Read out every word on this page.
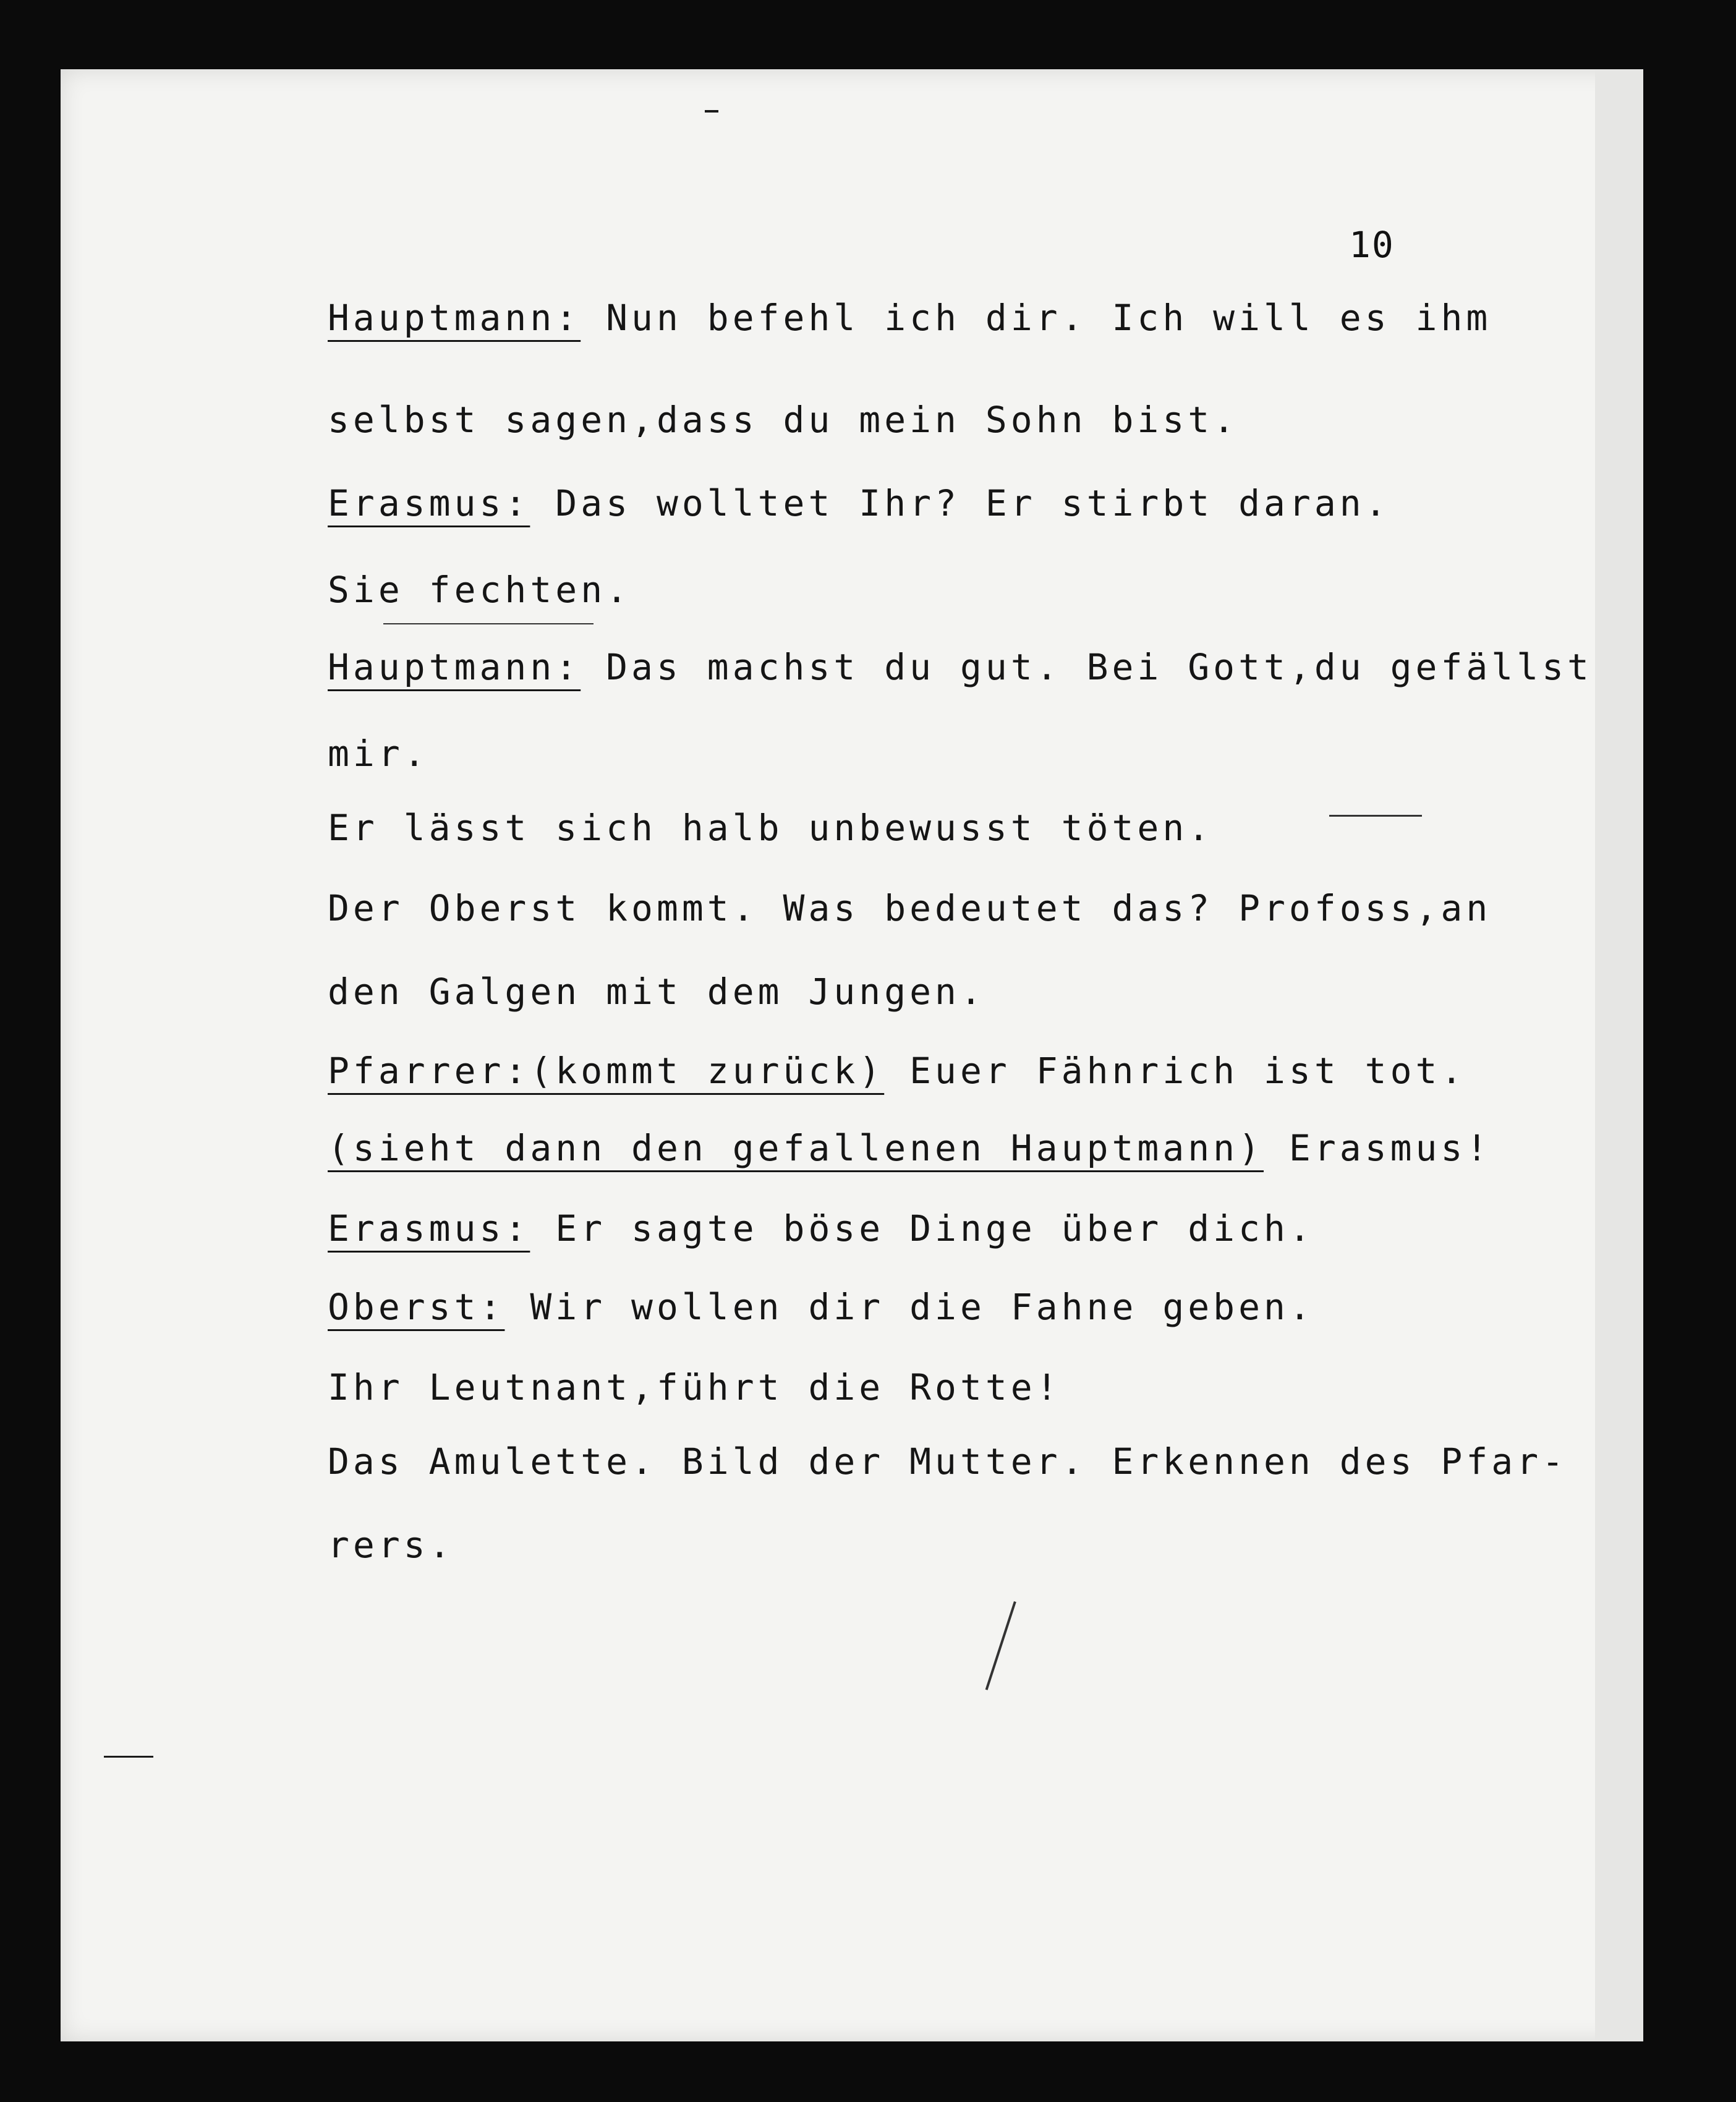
10
Hauptmann: Nun befehl ich dir. Ich will es ihm
selbst sagen,dass du mein Sohn bist.
Erasmus: Das wolltet Ihr? Er stirbt daran.
Sie fechten.
Hauptmann: Das machst du gut. Bei Gott,du gefällst
mir.
Er lässt sich halb unbewusst töten.
Der Oberst kommt. Was bedeutet das? Profoss,an
den Galgen mit dem Jungen.
Pfarrer:(kommt zurück) Euer Fähnrich ist tot.
(sieht dann den gefallenen Hauptmann) Erasmus!
Erasmus: Er sagte böse Dinge über dich.
Oberst: Wir wollen dir die Fahne geben.
Ihr Leutnant,führt die Rotte!
Das Amulette. Bild der Mutter. Erkennen des Pfar-
rers.
